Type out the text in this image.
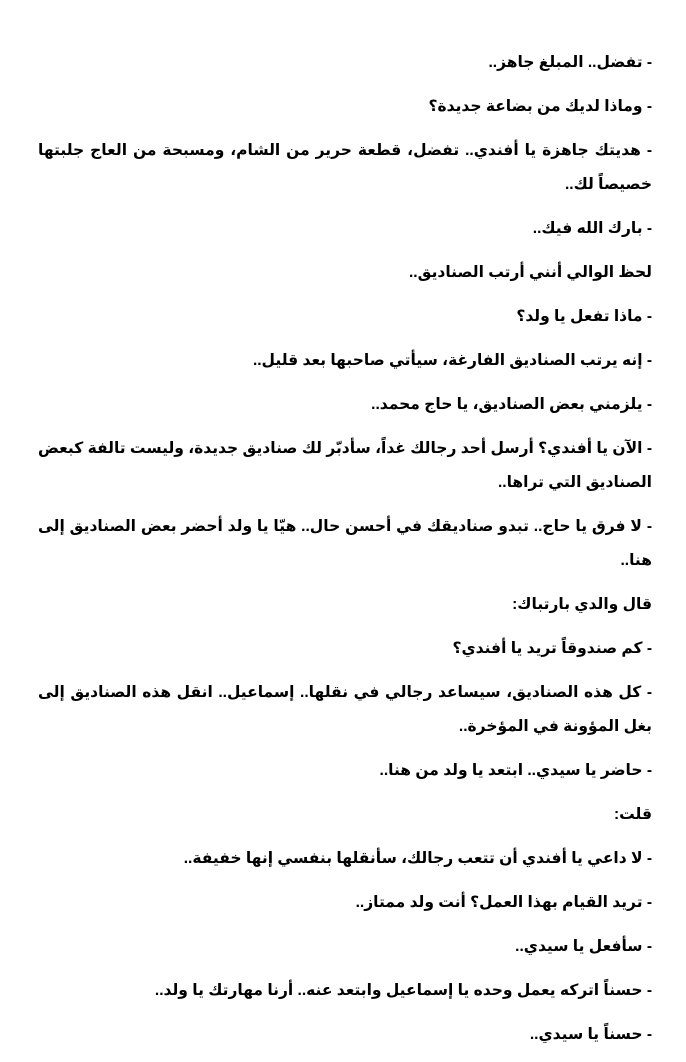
- تفضل.. المبلغ جاهز..

- وماذا لديك من بضاعة جديدة؟

- هديتك جاهزة يا أفندي.. تفضل، قطعة حرير من الشام، ومسبحة من العاج جلبتها خصيصاً لك..

- بارك الله فيك..

لحظ الوالي أنني أرتب الصناديق..

- ماذا تفعل يا ولد؟

- إنه يرتب الصناديق الفارغة، سيأتي صاحبها بعد قليل..

- يلزمني بعض الصناديق، يا حاج محمد..

- الآن يا أفندي؟ أرسل أحد رجالك غداً، سأدبّر لك صناديق جديدة، وليست تالفة كبعض الصناديق التي تراها..

- لا فرق يا حاج.. تبدو صناديقك في أحسن حال.. هيّا يا ولد أحضر بعض الصناديق إلى هنا..

قال والدي بارتباك:

- كم صندوقاً تريد يا أفندي؟

- كل هذه الصناديق، سيساعد رجالي في نقلها.. إسماعيل.. انقل هذه الصناديق إلى بغل المؤونة في المؤخرة..

- حاضر يا سيدي.. ابتعد يا ولد من هنا..

قلت:

- لا داعي يا أفندي أن تتعب رجالك، سأنقلها بنفسي إنها خفيفة..

- تريد القيام بهذا العمل؟ أنت ولد ممتاز..

- سأفعل يا سيدي..

- حسناً اتركه يعمل وحده يا إسماعيل وابتعد عنه.. أرنا مهارتك يا ولد..

- حسناً يا سيدي..
